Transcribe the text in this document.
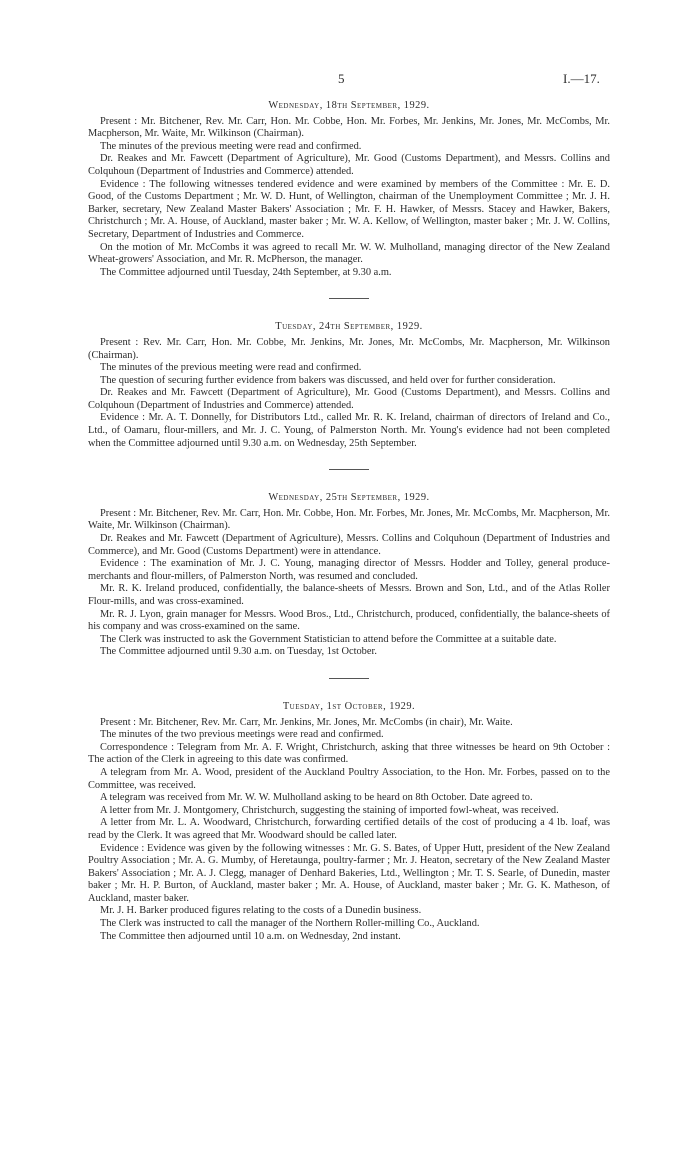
5	I.—17.
Wednesday, 18th September, 1929.

Present : Mr. Bitchener, Rev. Mr. Carr, Hon. Mr. Cobbe, Hon. Mr. Forbes, Mr. Jenkins, Mr. Jones, Mr. McCombs, Mr. Macpherson, Mr. Waite, Mr. Wilkinson (Chairman).

The minutes of the previous meeting were read and confirmed.

Dr. Reakes and Mr. Fawcett (Department of Agriculture), Mr. Good (Customs Department), and Messrs. Collins and Colquhoun (Department of Industries and Commerce) attended.

Evidence : The following witnesses tendered evidence and were examined by members of the Committee : Mr. E. D. Good, of the Customs Department ; Mr. W. D. Hunt, of Wellington, chairman of the Unemployment Committee ; Mr. J. H. Barker, secretary, New Zealand Master Bakers' Association ; Mr. F. H. Hawker, of Messrs. Stacey and Hawker, Bakers, Christchurch ; Mr. A. House, of Auckland, master baker ; Mr. W. A. Kellow, of Wellington, master baker ; Mr. J. W. Collins, Secretary, Department of Industries and Commerce.

On the motion of Mr. McCombs it was agreed to recall Mr. W. W. Mulholland, managing director of the New Zealand Wheat-growers' Association, and Mr. R. McPherson, the manager.

The Committee adjourned until Tuesday, 24th September, at 9.30 a.m.

Tuesday, 24th September, 1929.

Present : Rev. Mr. Carr, Hon. Mr. Cobbe, Mr. Jenkins, Mr. Jones, Mr. McCombs, Mr. Macpherson, Mr. Wilkinson (Chairman).

The minutes of the previous meeting were read and confirmed.

The question of securing further evidence from bakers was discussed, and held over for further consideration.

Dr. Reakes and Mr. Fawcett (Department of Agriculture), Mr. Good (Customs Department), and Messrs. Collins and Colquhoun (Department of Industries and Commerce) attended.

Evidence : Mr. A. T. Donnelly, for Distributors Ltd., called Mr. R. K. Ireland, chairman of directors of Ireland and Co., Ltd., of Oamaru, flour-millers, and Mr. J. C. Young, of Palmerston North. Mr. Young's evidence had not been completed when the Committee adjourned until 9.30 a.m. on Wednesday, 25th September.

Wednesday, 25th September, 1929.

Present : Mr. Bitchener, Rev. Mr. Carr, Hon. Mr. Cobbe, Hon. Mr. Forbes, Mr. Jones, Mr. McCombs, Mr. Macpherson, Mr. Waite, Mr. Wilkinson (Chairman).

Dr. Reakes and Mr. Fawcett (Department of Agriculture), Messrs. Collins and Colquhoun (Department of Industries and Commerce), and Mr. Good (Customs Department) were in attendance.

Evidence : The examination of Mr. J. C. Young, managing director of Messrs. Hodder and Tolley, general produce-merchants and flour-millers, of Palmerston North, was resumed and concluded.

Mr. R. K. Ireland produced, confidentially, the balance-sheets of Messrs. Brown and Son, Ltd., and of the Atlas Roller Flour-mills, and was cross-examined.

Mr. R. J. Lyon, grain manager for Messrs. Wood Bros., Ltd., Christchurch, produced, confidentially, the balance-sheets of his company and was cross-examined on the same.

The Clerk was instructed to ask the Government Statistician to attend before the Committee at a suitable date.

The Committee adjourned until 9.30 a.m. on Tuesday, 1st October.

Tuesday, 1st October, 1929.

Present : Mr. Bitchener, Rev. Mr. Carr, Mr. Jenkins, Mr. Jones, Mr. McCombs (in chair), Mr. Waite.

The minutes of the two previous meetings were read and confirmed.

Correspondence : Telegram from Mr. A. F. Wright, Christchurch, asking that three witnesses be heard on 9th October : The action of the Clerk in agreeing to this date was confirmed.

A telegram from Mr. A. Wood, president of the Auckland Poultry Association, to the Hon. Mr. Forbes, passed on to the Committee, was received.

A telegram was received from Mr. W. W. Mulholland asking to be heard on 8th October. Date agreed to.

A letter from Mr. J. Montgomery, Christchurch, suggesting the staining of imported fowl-wheat, was received.

A letter from Mr. L. A. Woodward, Christchurch, forwarding certified details of the cost of producing a 4 lb. loaf, was read by the Clerk. It was agreed that Mr. Woodward should be called later.

Evidence : Evidence was given by the following witnesses : Mr. G. S. Bates, of Upper Hutt, president of the New Zealand Poultry Association ; Mr. A. G. Mumby, of Heretaunga, poultry-farmer ; Mr. J. Heaton, secretary of the New Zealand Master Bakers' Association ; Mr. A. J. Clegg, manager of Denhard Bakeries, Ltd., Wellington ; Mr. T. S. Searle, of Dunedin, master baker ; Mr. H. P. Burton, of Auckland, master baker ; Mr. A. House, of Auckland, master baker ; Mr. G. K. Matheson, of Auckland, master baker.

Mr. J. H. Barker produced figures relating to the costs of a Dunedin business.

The Clerk was instructed to call the manager of the Northern Roller-milling Co., Auckland.

The Committee then adjourned until 10 a.m. on Wednesday, 2nd instant.
